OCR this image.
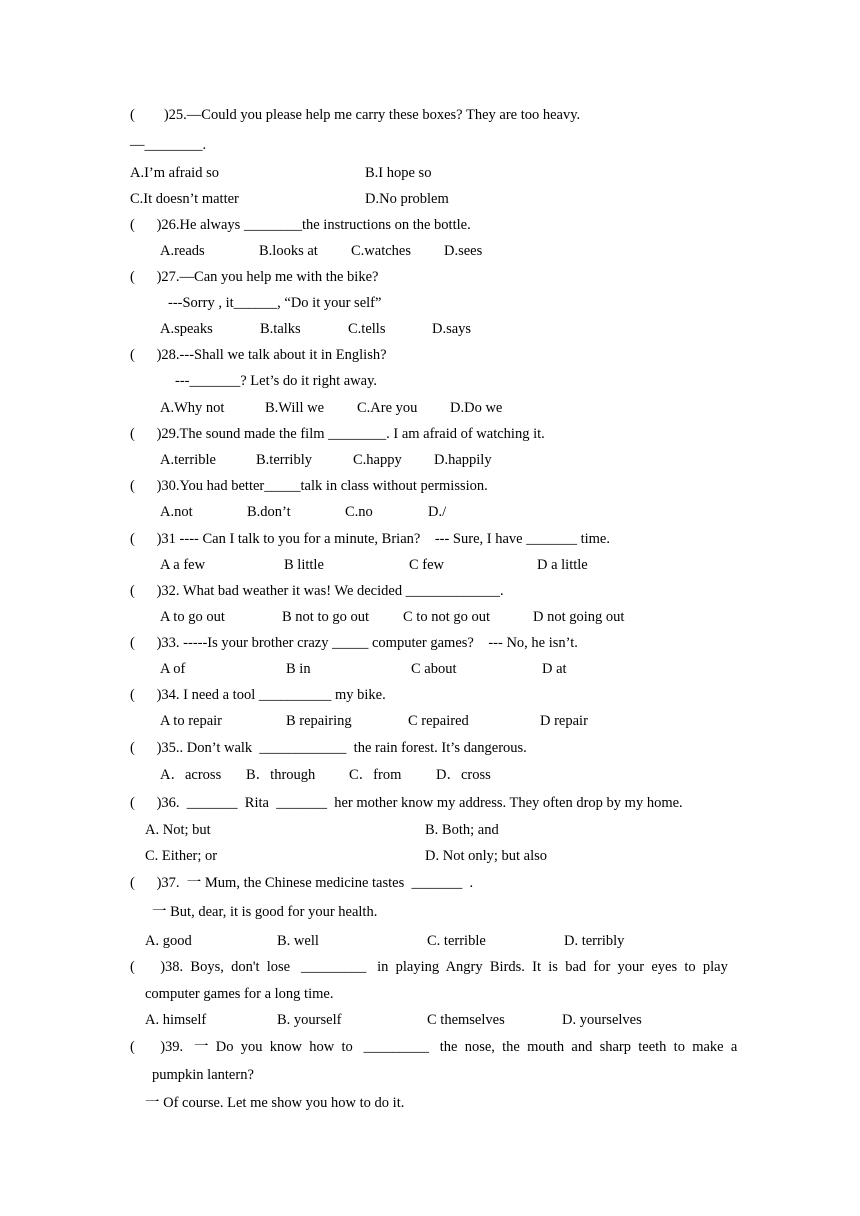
(        )25.—Could you please help me carry these boxes? They are too heavy.
—________.
A.I’m afraid so	B.I hope so
C.It doesn’t matter	D.No problem
(      )26.He always ________the instructions on the bottle.
A.reads	B.looks at C.watches D.sees
(      )27.—Can you help me with the bike?
---Sorry , it______, “Do it your self”
A.speaks	B.talks	C.tells	D.says
(      )28.---Shall we talk about it in English?
---_______? Let’s do it right away.
A.Why not	B.Will we C.Are you D.Do we
(      )29.The sound made the film ________. I am afraid of watching it.
A.terrible	B.terribly	C.happy D.happily
(      )30.You had better_____talk in class without permission.
A.not	B.don’t	C.no	D./
(      )31 ---- Can I talk to you for a minute, Brian?    --- Sure, I have _______ time.
A a few	B little	C few	D a little
(      )32. What bad weather it was! We decided _____________.
A to go out	B not to go out C to not go out	D not going out
(      )33. -----Is your brother crazy _____ computer games?    --- No, he isn’t.
A of	B in	C about	D at
(      )34. I need a tool __________ my bike.
A to repair	B repairing	C repaired	D repair
(      )35.. Don’t walk  ____________  the rain forest. It’s dangerous.
A．across B．through C．from D．cross
(      )36.  _______  Rita  _______  her mother know my address. They often drop by my home.
A. Not; but	B. Both; and
C. Either; or	D. Not only; but also
(      )37.  一 Mum, the Chinese medicine tastes  _______  .
一 But, dear, it is good for your health.
A. good	B. well	C. terrible	D. terribly
(       )38.  Boys,  don't  lose   _________   in  playing  Angry  Birds.  It  is  bad  for  your  eyes  to  play
computer games for a long time.
A. himself	B. yourself	C themselves	D. yourselves
(       )39.   一  Do  you  know  how  to   _________   the  nose,  the  mouth  and  sharp  teeth  to  make  a
pumpkin lantern?
一 Of course. Let me show you how to do it.
